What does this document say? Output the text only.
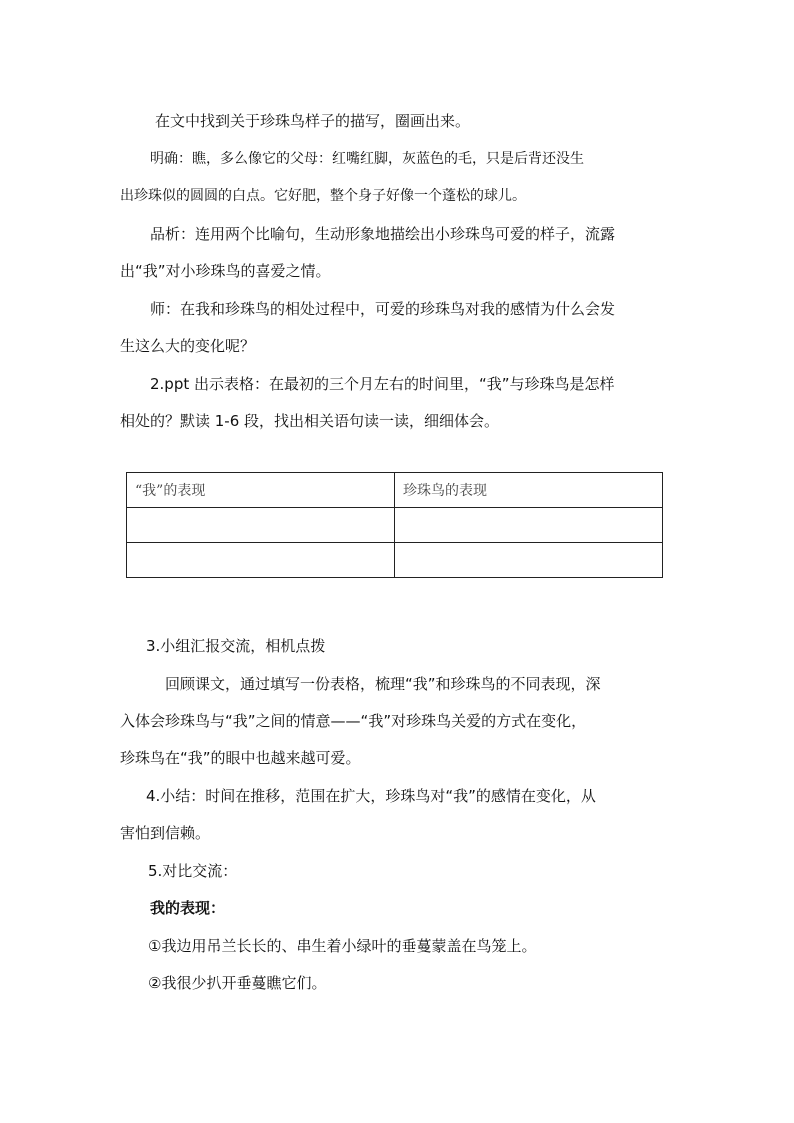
在文中找到关于珍珠鸟样子的描写，圈画出来。
明确：瞧，多么像它的父母：红嘴红脚，灰蓝色的毛，只是后背还没生
出珍珠似的圆圆的白点。它好肥，整个身子好像一个蓬松的球儿。
品析：连用两个比喻句，生动形象地描绘出小珍珠鸟可爱的样子，流露
出“我”对小珍珠鸟的喜爱之情。
师：在我和珍珠鸟的相处过程中，可爱的珍珠鸟对我的感情为什么会发
生这么大的变化呢？
2.ppt 出示表格：在最初的三个月左右的时间里，“我”与珍珠鸟是怎样
相处的？默读 1-6 段，找出相关语句读一读，细细体会。
“我”的表现	珍珠鸟的表现

3.小组汇报交流，相机点拨
回顾课文，通过填写一份表格，梳理“我”和珍珠鸟的不同表现，深
入体会珍珠鸟与“我”之间的情意——“我”对珍珠鸟关爱的方式在变化，
珍珠鸟在“我”的眼中也越来越可爱。
4.小结：时间在推移，范围在扩大，珍珠鸟对“我”的感情在变化，从
害怕到信赖。
5.对比交流：
我的表现：
①我边用吊兰长长的、串生着小绿叶的垂蔓蒙盖在鸟笼上。
②我很少扒开垂蔓瞧它们。
